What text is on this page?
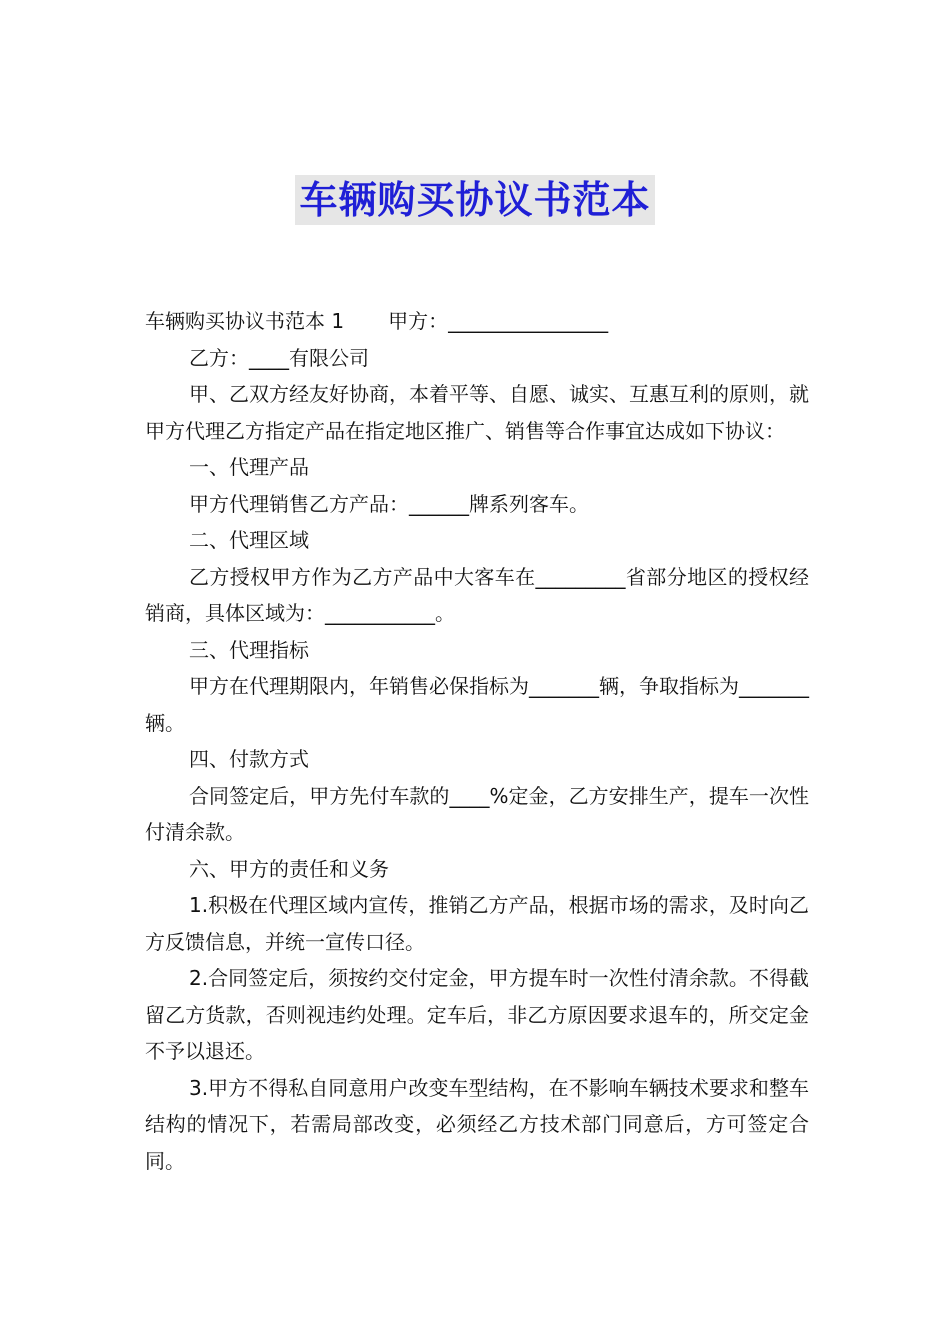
车辆购买协议书范本

车辆购买协议书范本 1 甲方：________________

乙方：____有限公司

甲、乙双方经友好协商，本着平等、自愿、诚实、互惠互利的原则，就甲方代理乙方指定产品在指定地区推广、销售等合作事宜达成如下协议：

一、代理产品

甲方代理销售乙方产品：______牌系列客车。

二、代理区域

乙方授权甲方作为乙方产品中大客车在_________省部分地区的授权经销商，具体区域为：___________。

三、代理指标

甲方在代理期限内，年销售必保指标为_______辆，争取指标为_______辆。

四、付款方式

合同签定后，甲方先付车款的____%定金，乙方安排生产，提车一次性付清余款。

六、甲方的责任和义务

1.积极在代理区域内宣传，推销乙方产品，根据市场的需求，及时向乙方反馈信息，并统一宣传口径。

2.合同签定后，须按约交付定金，甲方提车时一次性付清余款。不得截留乙方货款，否则视违约处理。定车后，非乙方原因要求退车的，所交定金不予以退还。

3.甲方不得私自同意用户改变车型结构，在不影响车辆技术要求和整车结构的情况下，若需局部改变，必须经乙方技术部门同意后，方可签定合同。
